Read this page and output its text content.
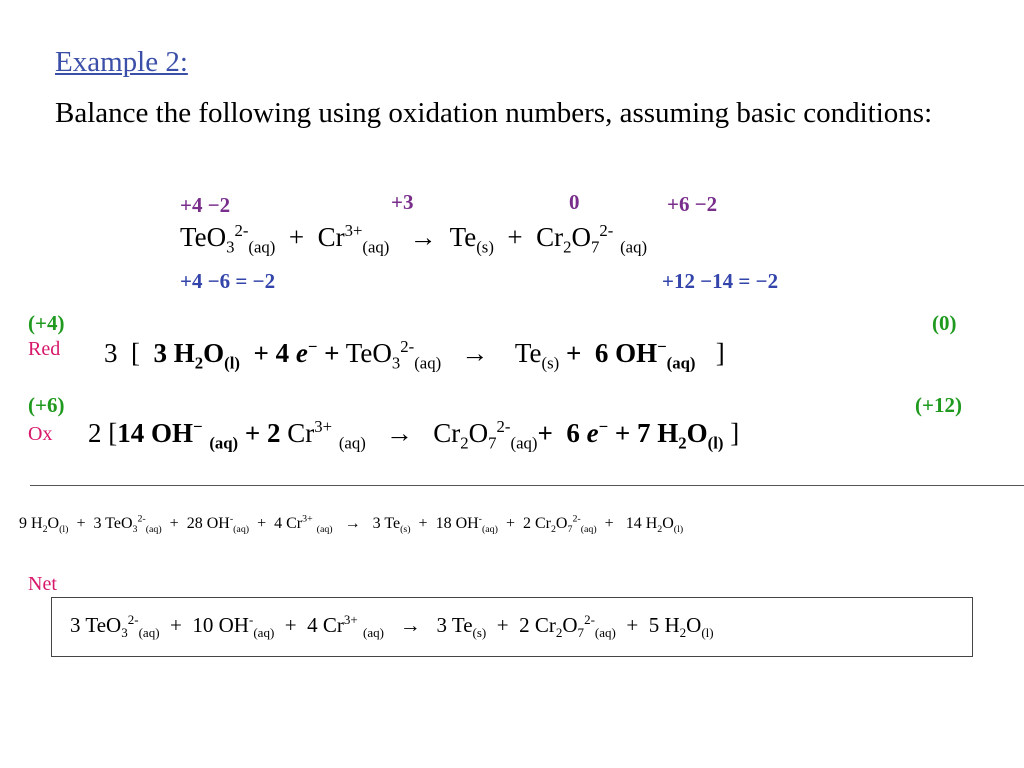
Example 2:
Balance the following using oxidation numbers, assuming basic conditions:
+4 −2	+3	0	+6 −2
$TeO_3^{2-}_{(aq)} + Cr^{3+}_{(aq)} \to Te_{(s)} + Cr_2O_7^{2-}$ $_{(aq)}$
+4 −6 = −2	+12 −14 = −2
(+4)	(0)
Red 3 [ 3 $H_2O_{(l)} + 4$ $e^- + TeO_3^{2-}_{(aq)} \to Te_{(s)} + 6$ $OH^-_{(aq)}$ ]
(+6)	(+12)
Ox 2 [14 OH− $_{(aq)}$ + 2 $Cr^{3+}$ $_{(aq)} \to Cr_2O_7^{2-}_{(aq)}+ 6$ e− + 7 $H_2O_{(l)}$ ]
9 $H_2O_{(l)} + 3$ TeO$_3^{2-}_{(aq)}$ + 28 $OH^-_{(aq)} + 4$ $Cr^{3+}$ $_{(aq)}$ → 3 $Te_{(s)} + 18$ $OH^-_{(aq)} + 2$ $Cr_2O_7^{2-}_{(aq)} + 14$ $H_2O_{(l)}$
Net
3 TeO$_3^{2-}_{(aq)}$ + 10 $OH^-_{(aq)} + 4$ $Cr^{3+}$ $_{(aq)}$ → 3 $Te_{(s)} + 2$ $Cr_2O_7^{2-}_{(aq)} + 5$ $H_2O_{(l)}$
